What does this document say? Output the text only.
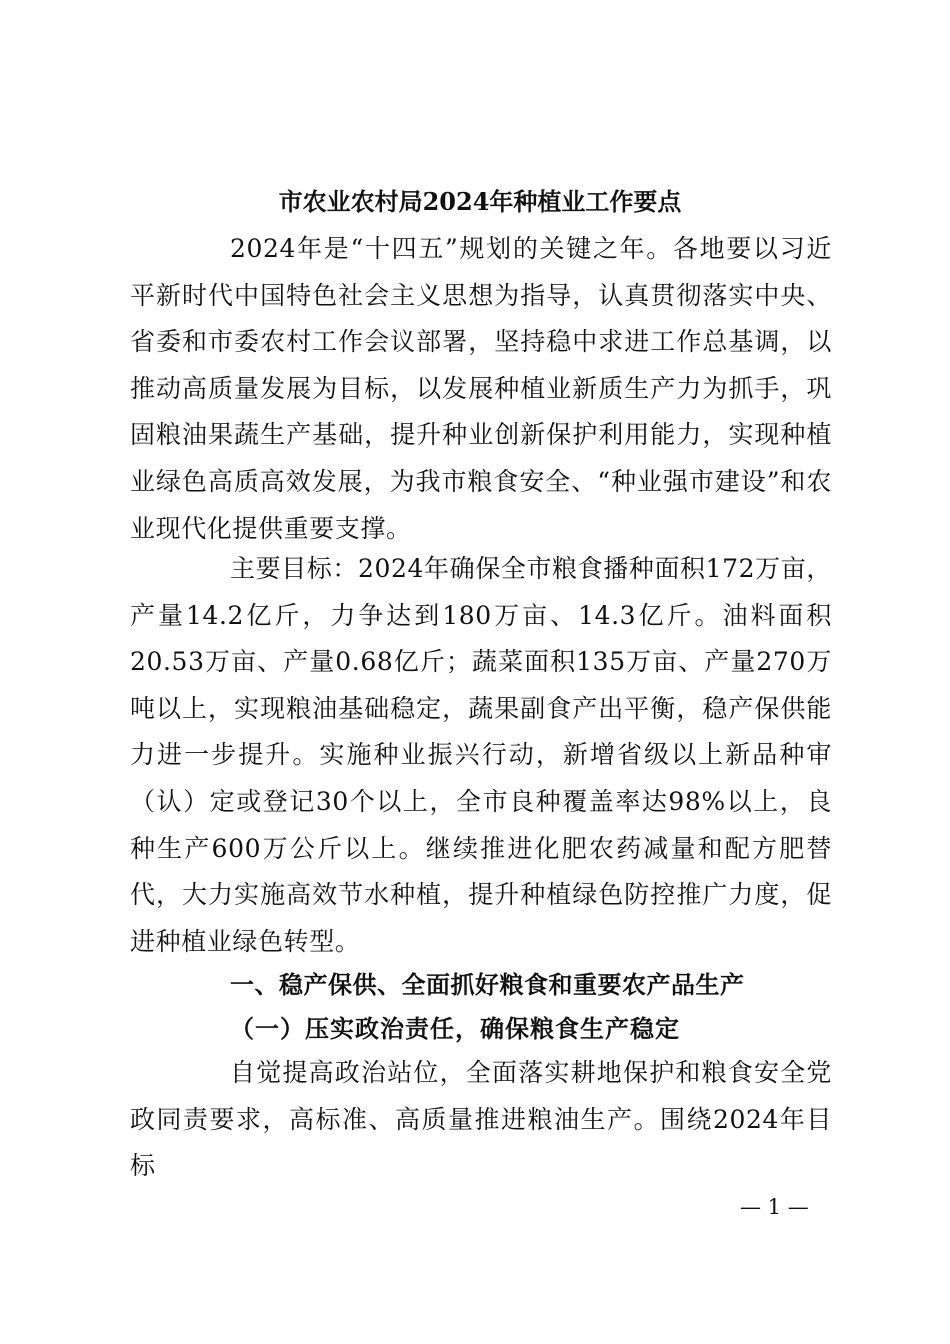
市农业农村局2024年种植业工作要点

2024年是“十四五”规划的关键之年。各地要以习近平新时代中国特色社会主义思想为指导，认真贯彻落实中央、省委和市委农村工作会议部署，坚持稳中求进工作总基调，以推动高质量发展为目标，以发展种植业新质生产力为抓手，巩固粮油果蔬生产基础，提升种业创新保护利用能力，实现种植业绿色高质高效发展，为我市粮食安全、“种业强市建设”和农业现代化提供重要支撑。

主要目标：2024年确保全市粮食播种面积172万亩，产量14.2亿斤，力争达到180万亩、14.3亿斤。油料面积20.53万亩、产量0.68亿斤；蔬菜面积135万亩、产量270万吨以上，实现粮油基础稳定，蔬果副食产出平衡，稳产保供能力进一步提升。实施种业振兴行动，新增省级以上新品种审（认）定或登记30个以上，全市良种覆盖率达98%以上，良种生产600万公斤以上。继续推进化肥农药减量和配方肥替代，大力实施高效节水种植，提升种植绿色防控推广力度，促进种植业绿色转型。

一、稳产保供、全面抓好粮食和重要农产品生产
（一）压实政治责任，确保粮食生产稳定

自觉提高政治站位，全面落实耕地保护和粮食安全党政同责要求，高标准、高质量推进粮油生产。围绕2024年目标

— 1 —
